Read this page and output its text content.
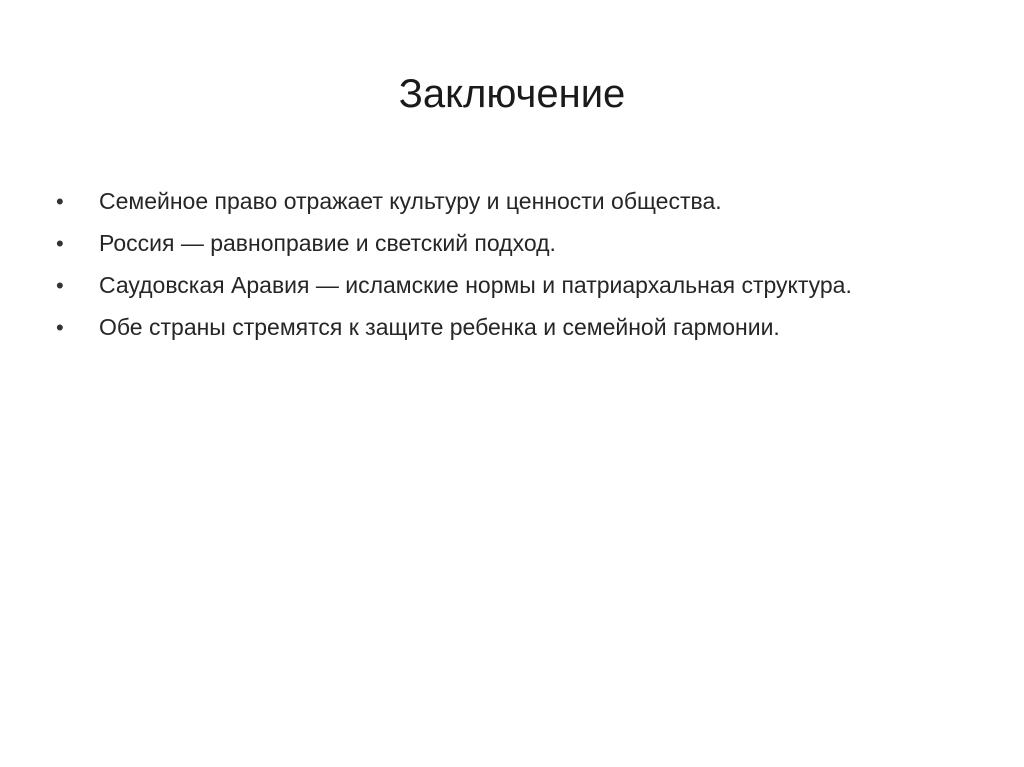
Заключение
•	Семейное право отражает культуру и ценности общества.
•	Россия — равноправие и светский подход.
•	Саудовская Аравия — исламские нормы и патриархальная структура.
•	Обе страны стремятся к защите ребенка и семейной гармонии.
